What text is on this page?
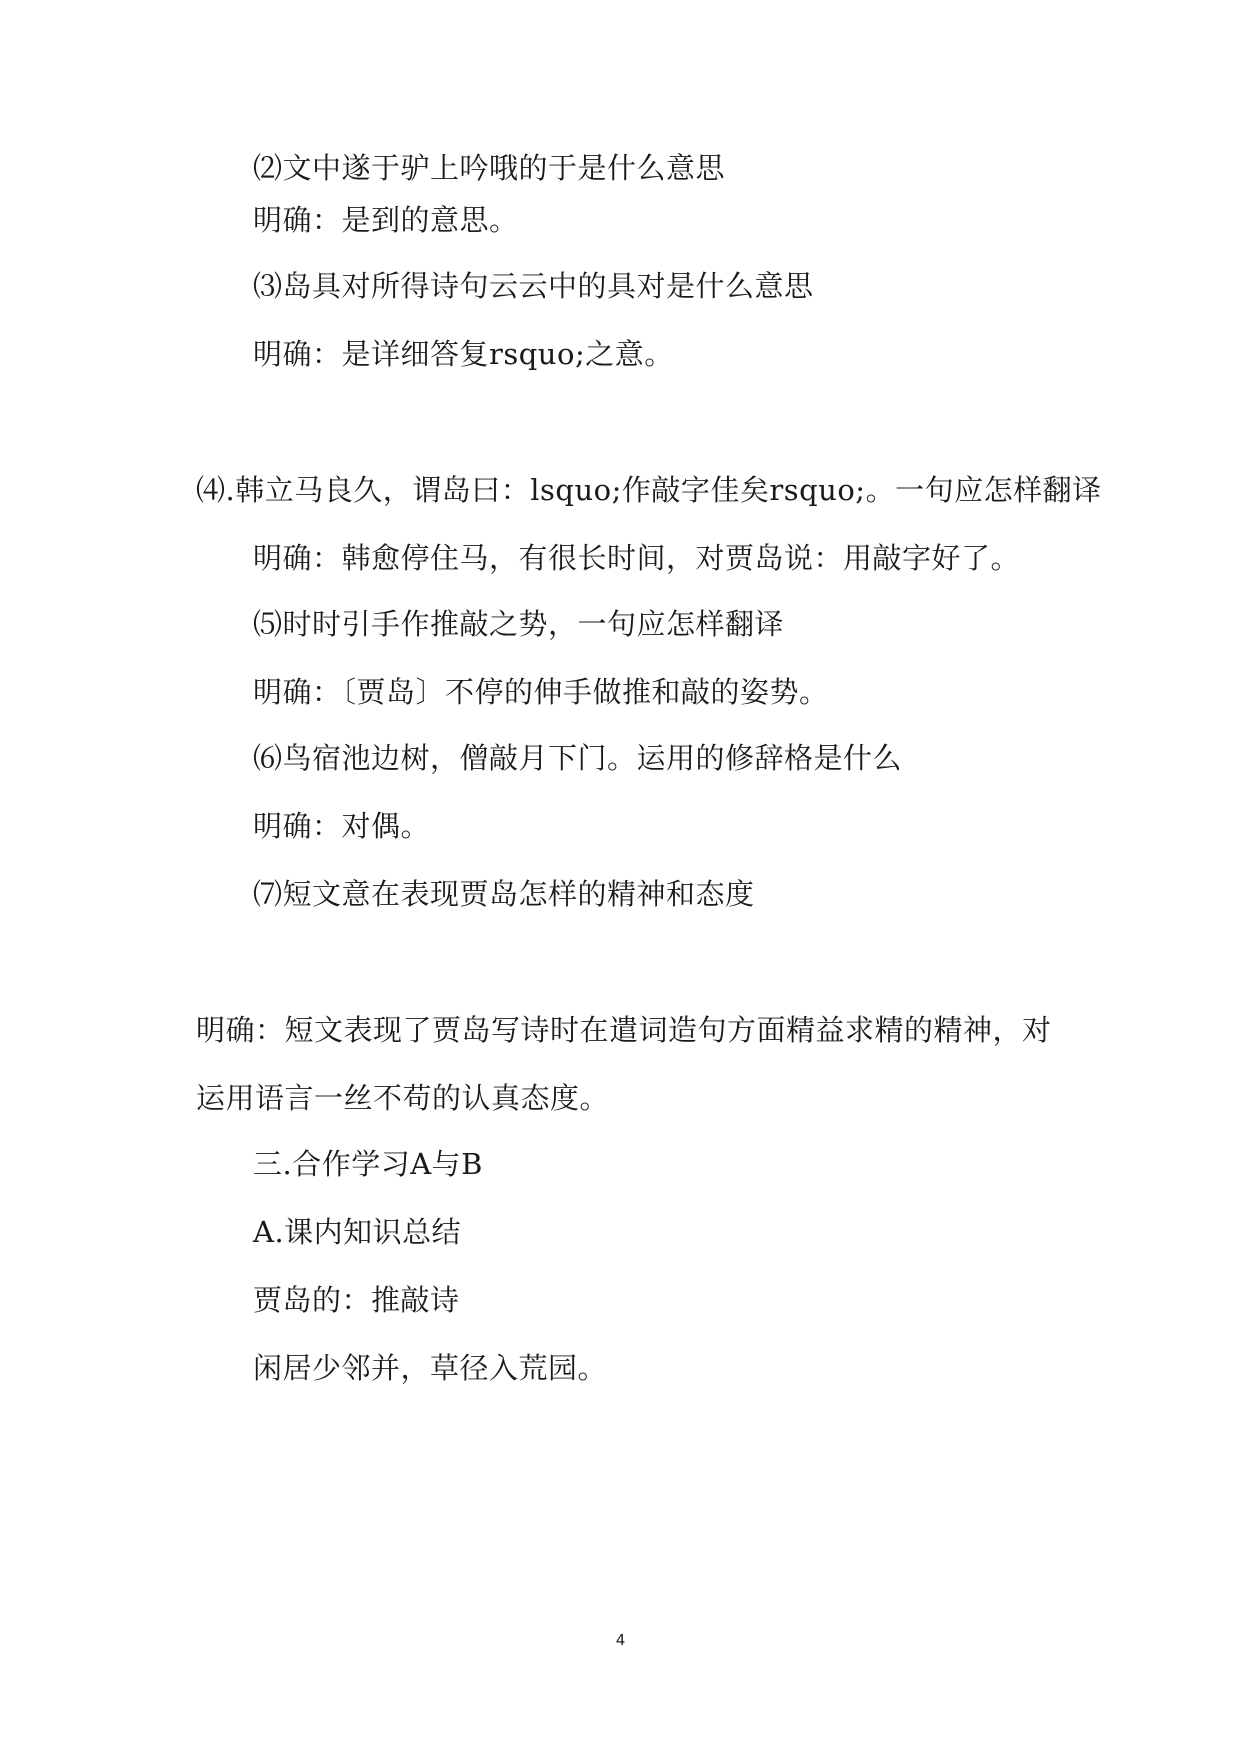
⑵文中遂于驴上吟哦的于是什么意思
明确：是到的意思。
⑶岛具对所得诗句云云中的具对是什么意思
明确：是详细答复rsquo;之意。
⑷.韩立马良久，谓岛曰：lsquo;作敲字佳矣rsquo;。一句应怎样翻译
明确：韩愈停住马，有很长时间，对贾岛说：用敲字好了。
⑸时时引手作推敲之势，一句应怎样翻译
明确：〔贾岛〕不停的伸手做推和敲的姿势。
⑹鸟宿池边树，僧敲月下门。运用的修辞格是什么
明确：对偶。
⑺短文意在表现贾岛怎样的精神和态度
明确：短文表现了贾岛写诗时在遣词造句方面精益求精的精神，对
运用语言一丝不苟的认真态度。
三.合作学习A与B
A.课内知识总结
贾岛的：推敲诗
闲居少邻并，草径入荒园。
4
